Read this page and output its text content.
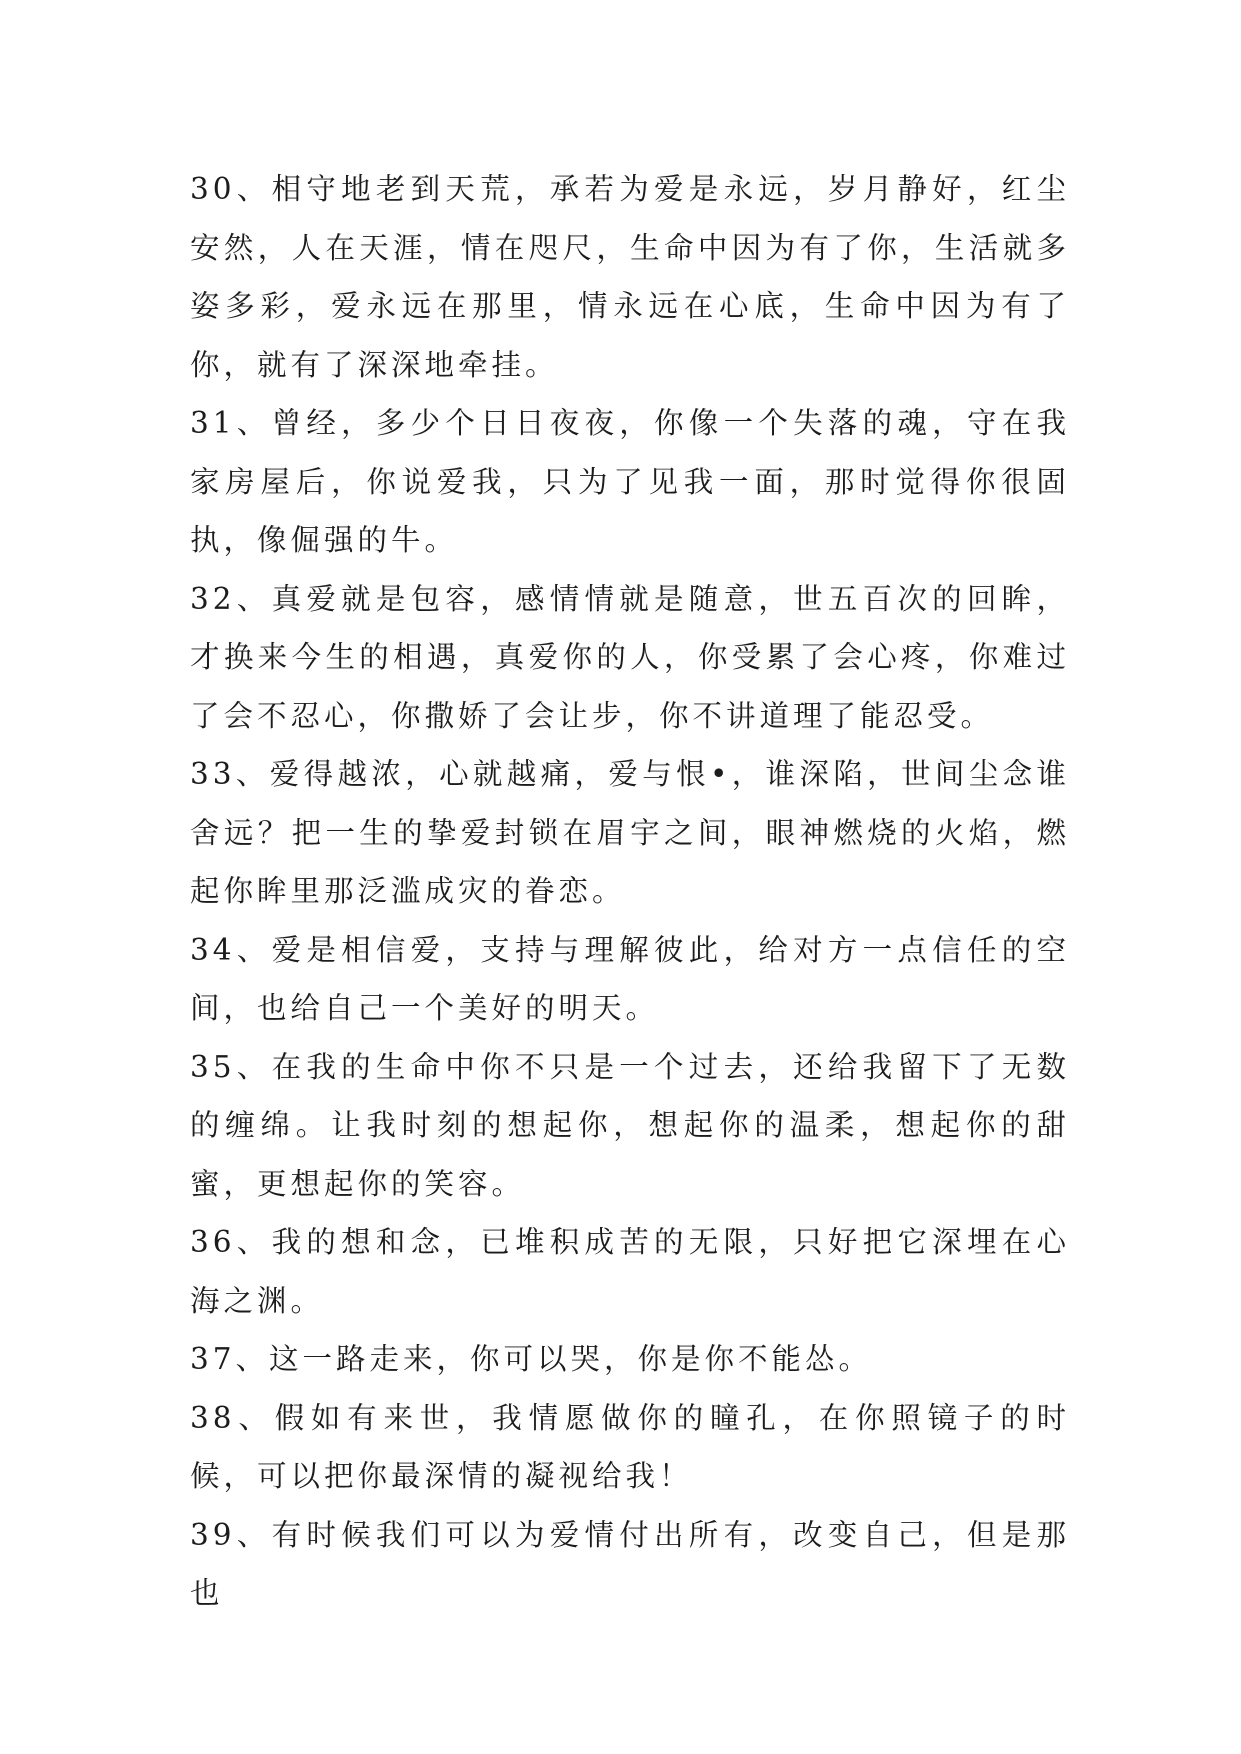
30、相守地老到天荒，承若为爱是永远，岁月静好，红尘安然，人在天涯，情在咫尺，生命中因为有了你，生活就多姿多彩，爱永远在那里，情永远在心底，生命中因为有了你，就有了深深地牵挂。

31、曾经，多少个日日夜夜，你像一个失落的魂，守在我家房屋后，你说爱我，只为了见我一面，那时觉得你很固执，像倔强的牛。

32、真爱就是包容，感情情就是随意，世五百次的回眸，才换来今生的相遇，真爱你的人，你受累了会心疼，你难过了会不忍心，你撒娇了会让步，你不讲道理了能忍受。

33、爱得越浓，心就越痛，爱与恨•，谁深陷，世间尘念谁舍远？把一生的挚爱封锁在眉宇之间，眼神燃烧的火焰，燃起你眸里那泛滥成灾的眷恋。

34、爱是相信爱，支持与理解彼此，给对方一点信任的空间，也给自己一个美好的明天。

35、在我的生命中你不只是一个过去，还给我留下了无数的缠绵。让我时刻的想起你，想起你的温柔，想起你的甜蜜，更想起你的笑容。

36、我的想和念，已堆积成苦的无限，只好把它深埋在心海之渊。

37、这一路走来，你可以哭，你是你不能怂。

38、假如有来世，我情愿做你的瞳孔，在你照镜子的时候，可以把你最深情的凝视给我！

39、有时候我们可以为爱情付出所有，改变自己，但是那也
